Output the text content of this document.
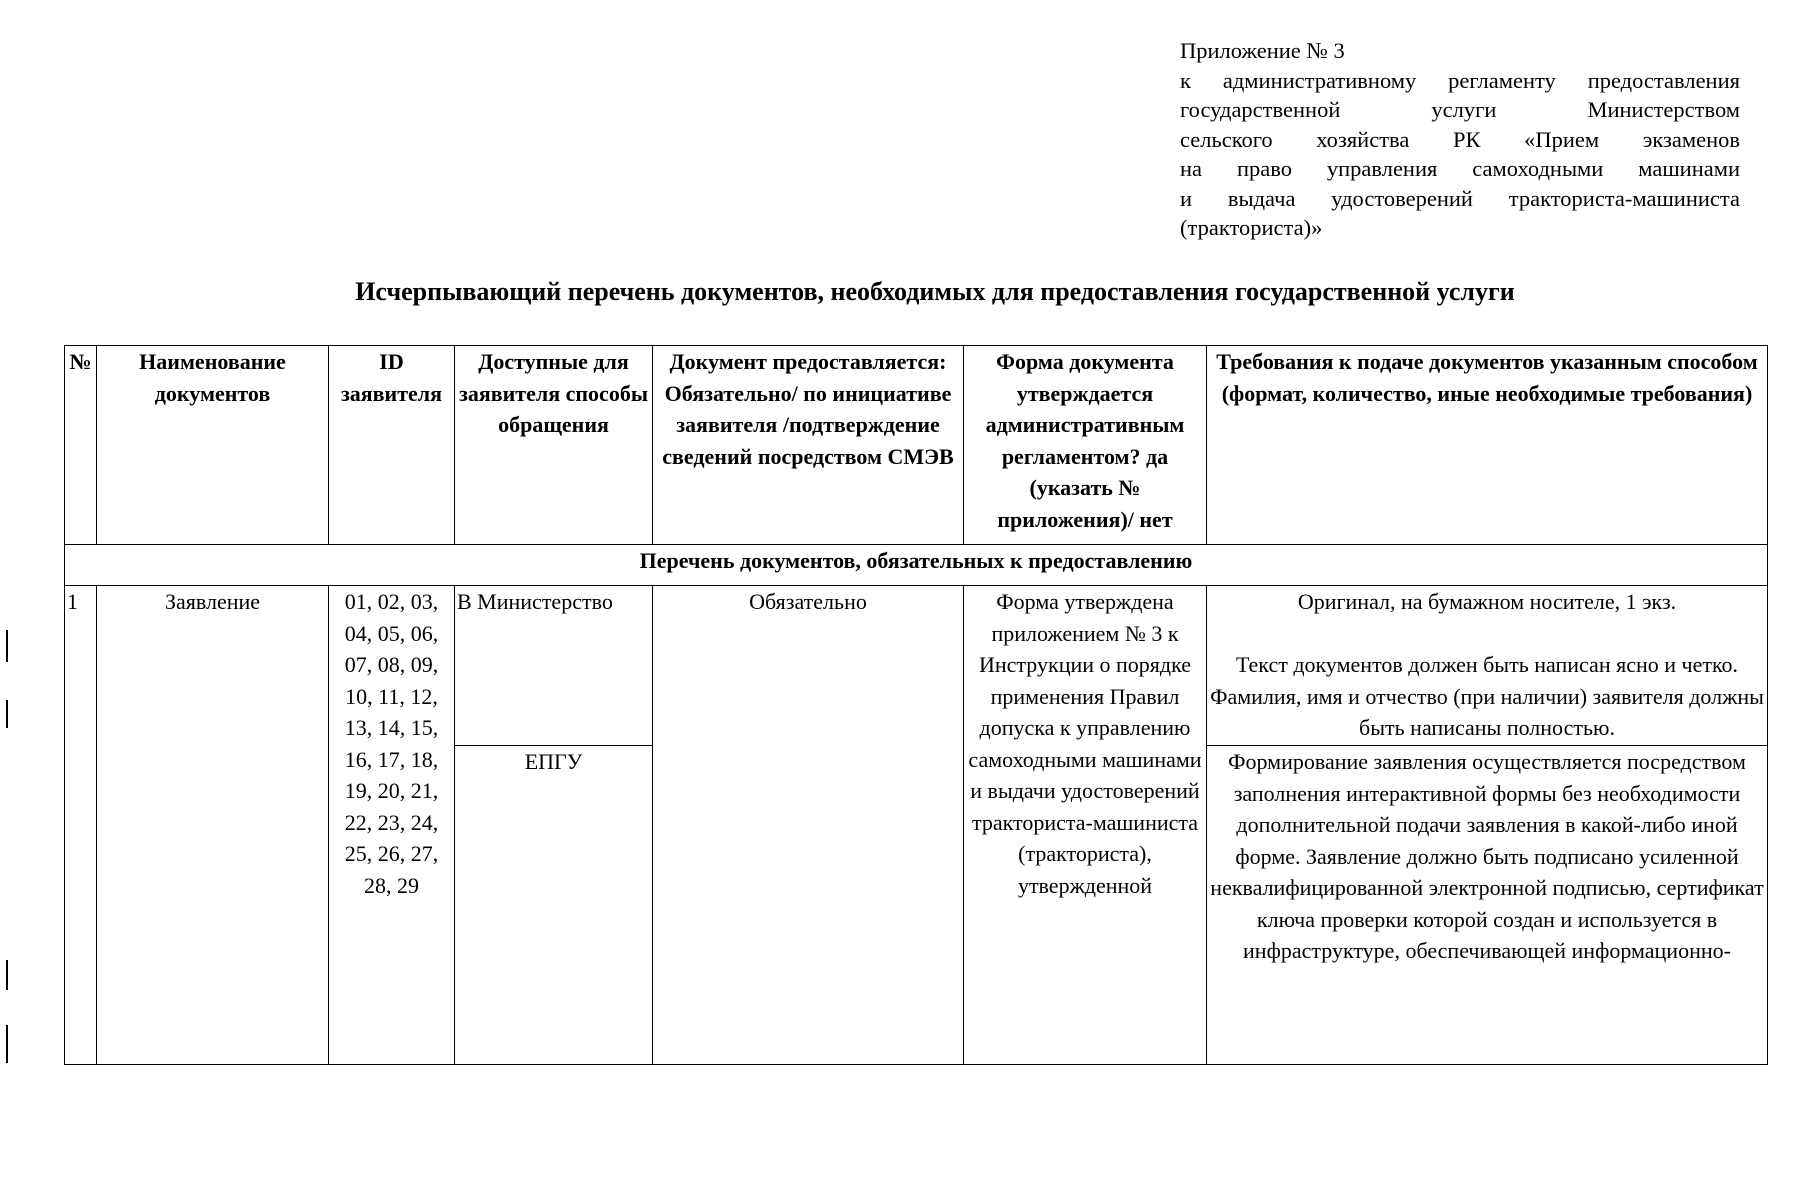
Приложение № 3
к административному регламенту предоставления
государственной услуги Министерством
сельского хозяйства РК «Прием экзаменов
на право управления самоходными машинами
и выдача удостоверений тракториста-машиниста
(тракториста)»
Исчерпывающий перечень документов, необходимых для предоставления государственной услуги
№	Наименование документов	ID заявителя	Доступные для заявителя способы обращения	Документ предоставляется: Обязательно/ по инициативе заявителя /подтверждение сведений посредством СМЭВ	Форма документа утверждается административным регламентом? да (указать № приложения)/ нет	Требования к подаче документов указанным способом (формат, количество, иные необходимые требования)
Перечень документов, обязательных к предоставлению						
1	Заявление	01, 02, 03, 04, 05, 06, 07, 08, 09, 10, 11, 12, 13, 14, 15, 16, 17, 18, 19, 20, 21, 22, 23, 24, 25, 26, 27, 28, 29	В Министерство	Обязательно	Форма утверждена приложением № 3 к Инструкции о порядке применения Правил допуска к управлению самоходными машинами и выдачи удостоверений тракториста-машиниста (тракториста), утвержденной	Оригинал, на бумажном носителе, 1 экз.
Текст документов должен быть написан ясно и четко. Фамилия, имя и отчество (при наличии) заявителя должны быть написаны полностью.

			ЕПГУ			Формирование заявления осуществляется посредством заполнения интерактивной формы без необходимости дополнительной подачи заявления в какой-либо иной форме. Заявление должно быть подписано усиленной неквалифицированной электронной подписью, сертификат ключа проверки которой создан и используется в инфраструктуре, обеспечивающей информационно-
